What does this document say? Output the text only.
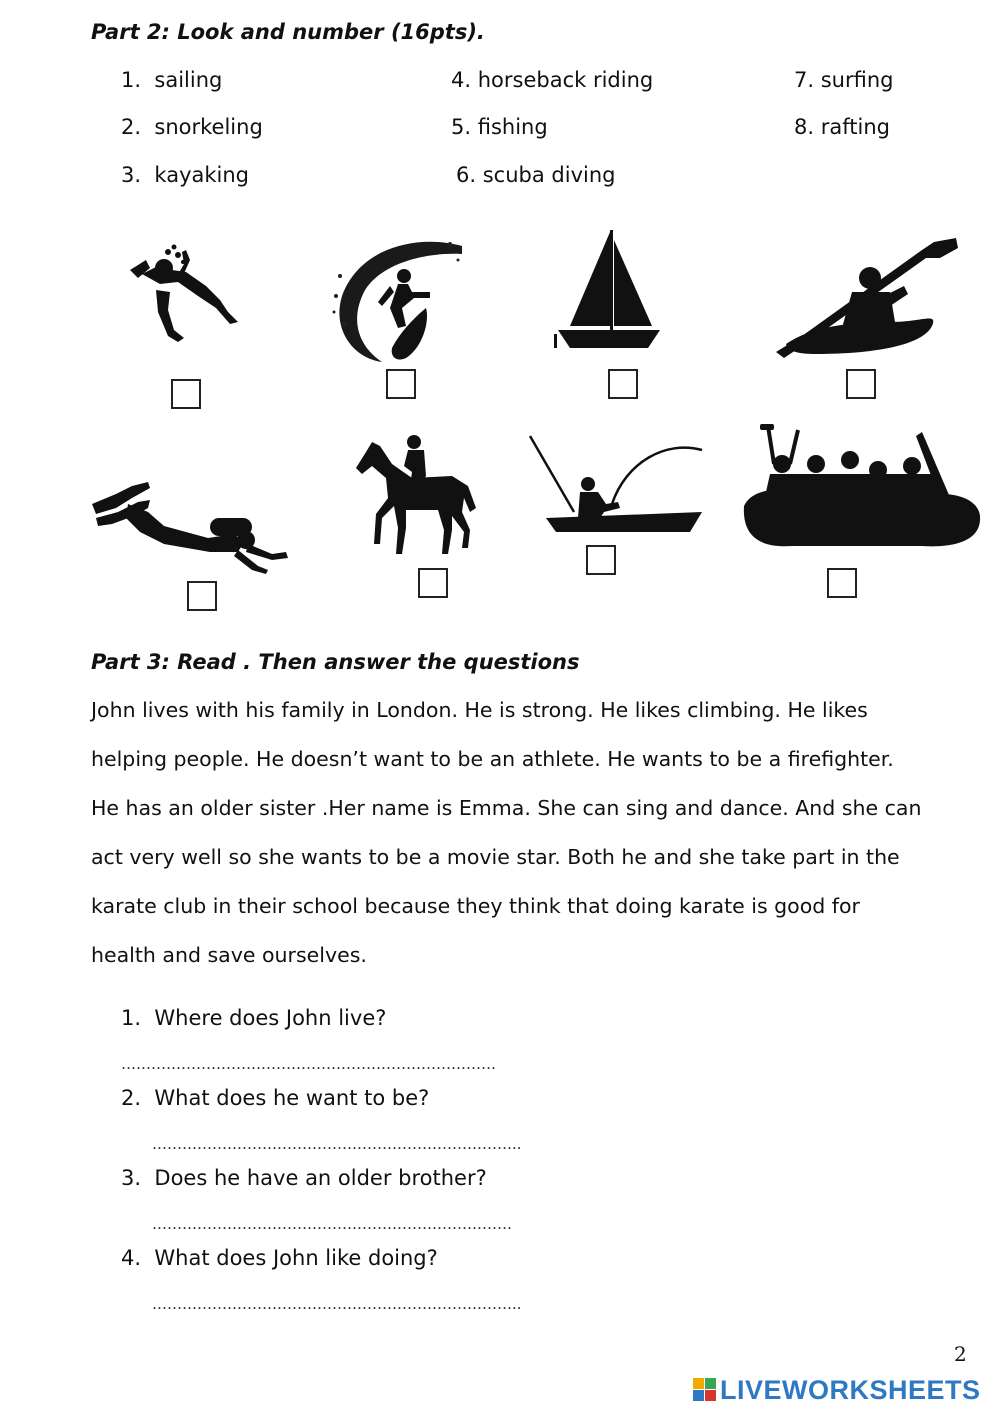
Part 2: Look and number (16pts).
1. sailing
2. snorkeling
3. kayaking
4. horseback riding
5. fishing
6. scuba diving
7. surfing
8. rafting
Part 3: Read . Then answer the questions
John lives with his family in London. He is strong. He likes climbing. He likes
helping people. He doesn’t want to be an athlete. He wants to be a firefighter.
He has an older sister .Her name is Emma. She can sing and dance. And she can
act very well so she wants to be a movie star. Both he and she take part in the
karate club in their school because they think that doing karate is good for
health and save ourselves.
1. Where does John live?
…………………………………………………………………
2. What does he want to be?
………………………………………………………………..
3. Does he have an older brother?
………………………………………………………………
4. What does John like doing?
………………………………………………………………..
2
LIVEWORKSHEETS
